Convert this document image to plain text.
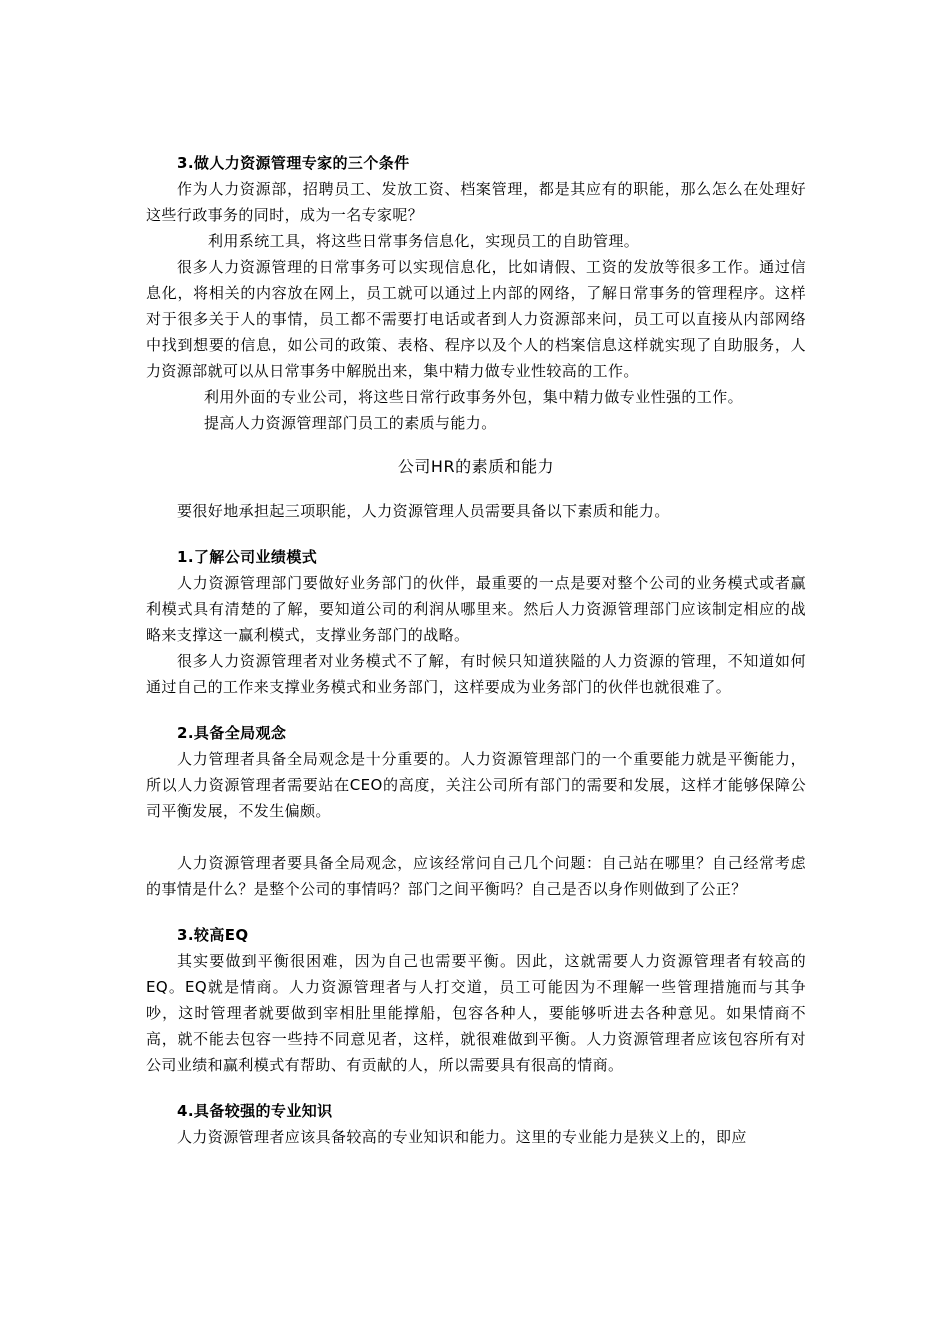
3.做人力资源管理专家的三个条件

作为人力资源部，招聘员工、发放工资、档案管理，都是其应有的职能，那么怎么在处理好这些行政事务的同时，成为一名专家呢？

利用系统工具，将这些日常事务信息化，实现员工的自助管理。

很多人力资源管理的日常事务可以实现信息化，比如请假、工资的发放等很多工作。通过信息化，将相关的内容放在网上，员工就可以通过上内部的网络，了解日常事务的管理程序。这样对于很多关于人的事情，员工都不需要打电话或者到人力资源部来问，员工可以直接从内部网络中找到想要的信息，如公司的政策、表格、程序以及个人的档案信息这样就实现了自助服务，人力资源部就可以从日常事务中解脱出来，集中精力做专业性较高的工作。

利用外面的专业公司，将这些日常行政事务外包，集中精力做专业性强的工作。

提高人力资源管理部门员工的素质与能力。

公司HR的素质和能力

要很好地承担起三项职能，人力资源管理人员需要具备以下素质和能力。

1.了解公司业绩模式

人力资源管理部门要做好业务部门的伙伴，最重要的一点是要对整个公司的业务模式或者赢利模式具有清楚的了解，要知道公司的利润从哪里来。然后人力资源管理部门应该制定相应的战略来支撑这一赢利模式，支撑业务部门的战略。

很多人力资源管理者对业务模式不了解，有时候只知道狭隘的人力资源的管理，不知道如何通过自己的工作来支撑业务模式和业务部门，这样要成为业务部门的伙伴也就很难了。

2.具备全局观念

人力管理者具备全局观念是十分重要的。人力资源管理部门的一个重要能力就是平衡能力，所以人力资源管理者需要站在CEO的高度，关注公司所有部门的需要和发展，这样才能够保障公司平衡发展，不发生偏颇。

人力资源管理者要具备全局观念，应该经常问自己几个问题：自己站在哪里？自己经常考虑的事情是什么？是整个公司的事情吗？部门之间平衡吗？自己是否以身作则做到了公正？

3.较高EQ

其实要做到平衡很困难，因为自己也需要平衡。因此，这就需要人力资源管理者有较高的EQ。EQ就是情商。人力资源管理者与人打交道，员工可能因为不理解一些管理措施而与其争吵，这时管理者就要做到宰相肚里能撑船，包容各种人，要能够听进去各种意见。如果情商不高，就不能去包容一些持不同意见者，这样，就很难做到平衡。人力资源管理者应该包容所有对公司业绩和赢利模式有帮助、有贡献的人，所以需要具有很高的情商。

4.具备较强的专业知识

人力资源管理者应该具备较高的专业知识和能力。这里的专业能力是狭义上的，即应
